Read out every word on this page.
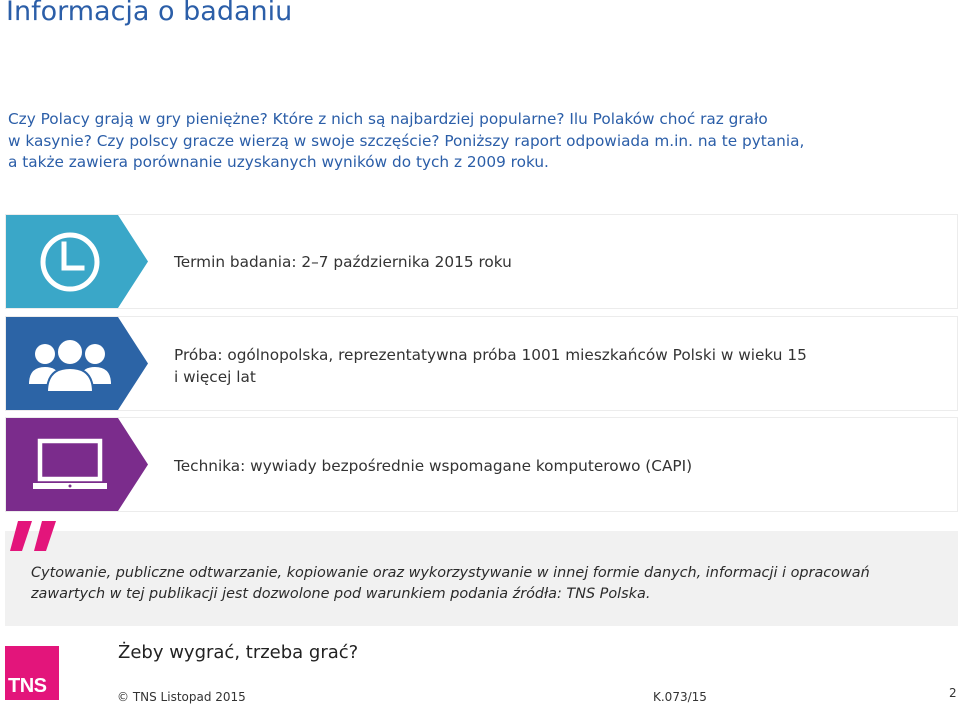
Informacja o badaniu
Czy Polacy grają w gry pieniężne? Które z nich są najbardziej popularne? Ilu Polaków choć raz grało
w kasynie? Czy polscy gracze wierzą w swoje szczęście? Poniższy raport odpowiada m.in. na te pytania,
a także zawiera porównanie uzyskanych wyników do tych z 2009 roku.
Termin badania: 2–7 października 2015 roku
Próba: ogólnopolska, reprezentatywna próba 1001 mieszkańców Polski w wieku 15
i więcej lat
Technika: wywiady bezpośrednie wspomagane komputerowo (CAPI)
Cytowanie, publiczne odtwarzanie, kopiowanie oraz wykorzystywanie w innej formie danych, informacji i opracowań
zawartych w tej publikacji jest dozwolone pod warunkiem podania źródła: TNS Polska.
Żeby wygrać, trzeba grać?
TNS	© TNS Listopad 2015	K.073/15	2
